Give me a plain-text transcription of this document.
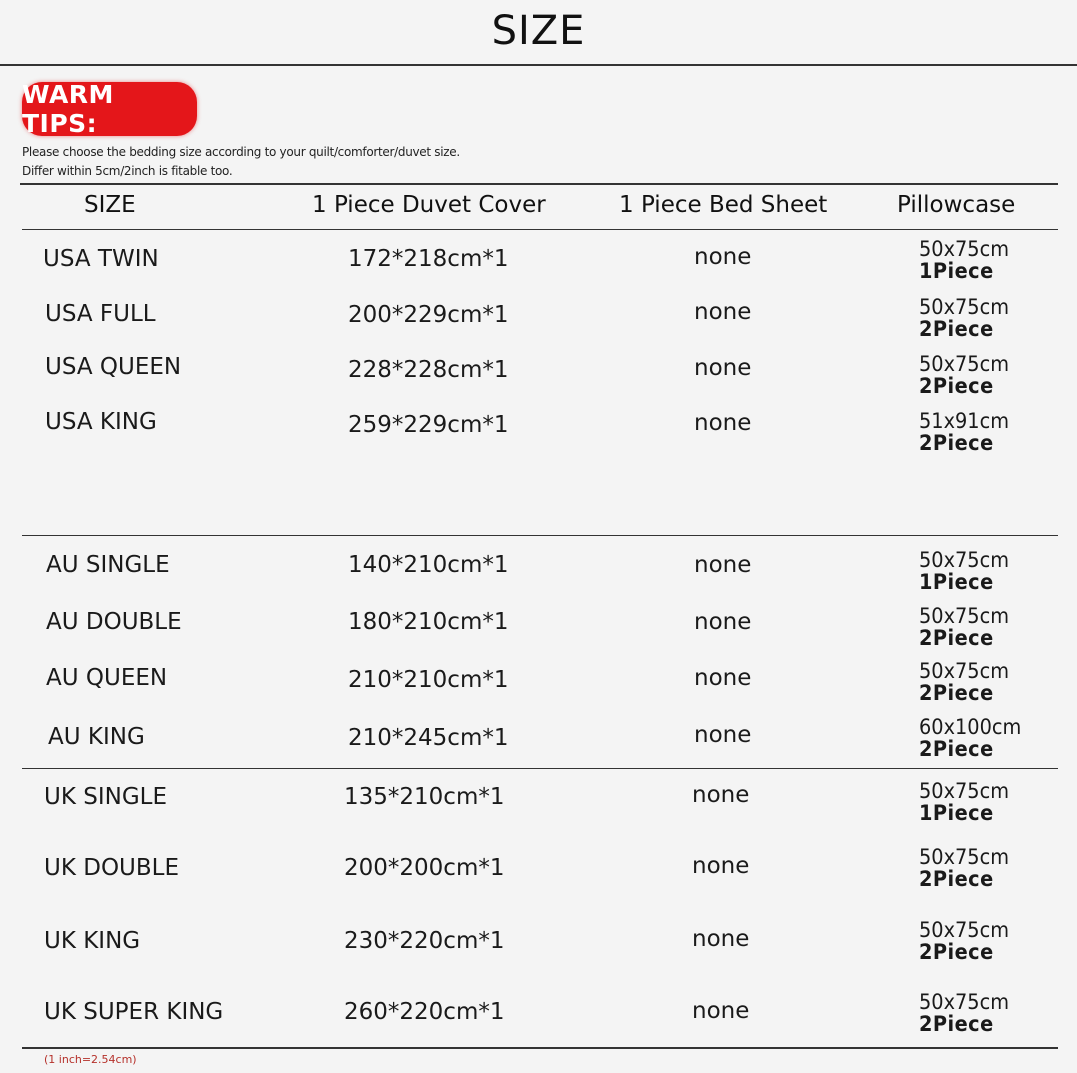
SIZE
WARM TIPS:
Please choose the bedding size according to your quilt/comforter/duvet size.
Differ within 5cm/2inch is fitable too.
SIZE	1 Piece Duvet Cover	1 Piece Bed Sheet	Pillowcase
USA TWIN	172*218cm*1	none	50x75cm
1Piece
USA FULL	200*229cm*1	none	50x75cm
2Piece
USA QUEEN	228*228cm*1	none	50x75cm
2Piece
USA KING	259*229cm*1	none	51x91cm
2Piece
AU SINGLE	140*210cm*1	none	50x75cm
1Piece
AU DOUBLE	180*210cm*1	none	50x75cm
2Piece
AU QUEEN	210*210cm*1	none	50x75cm
2Piece
AU KING	210*245cm*1	none	60x100cm
2Piece
UK SINGLE	135*210cm*1	none	50x75cm
1Piece
UK DOUBLE	200*200cm*1	none	50x75cm
2Piece
UK KING	230*220cm*1	none	50x75cm
2Piece
UK SUPER KING	260*220cm*1	none	50x75cm
2Piece
(1 inch=2.54cm)
